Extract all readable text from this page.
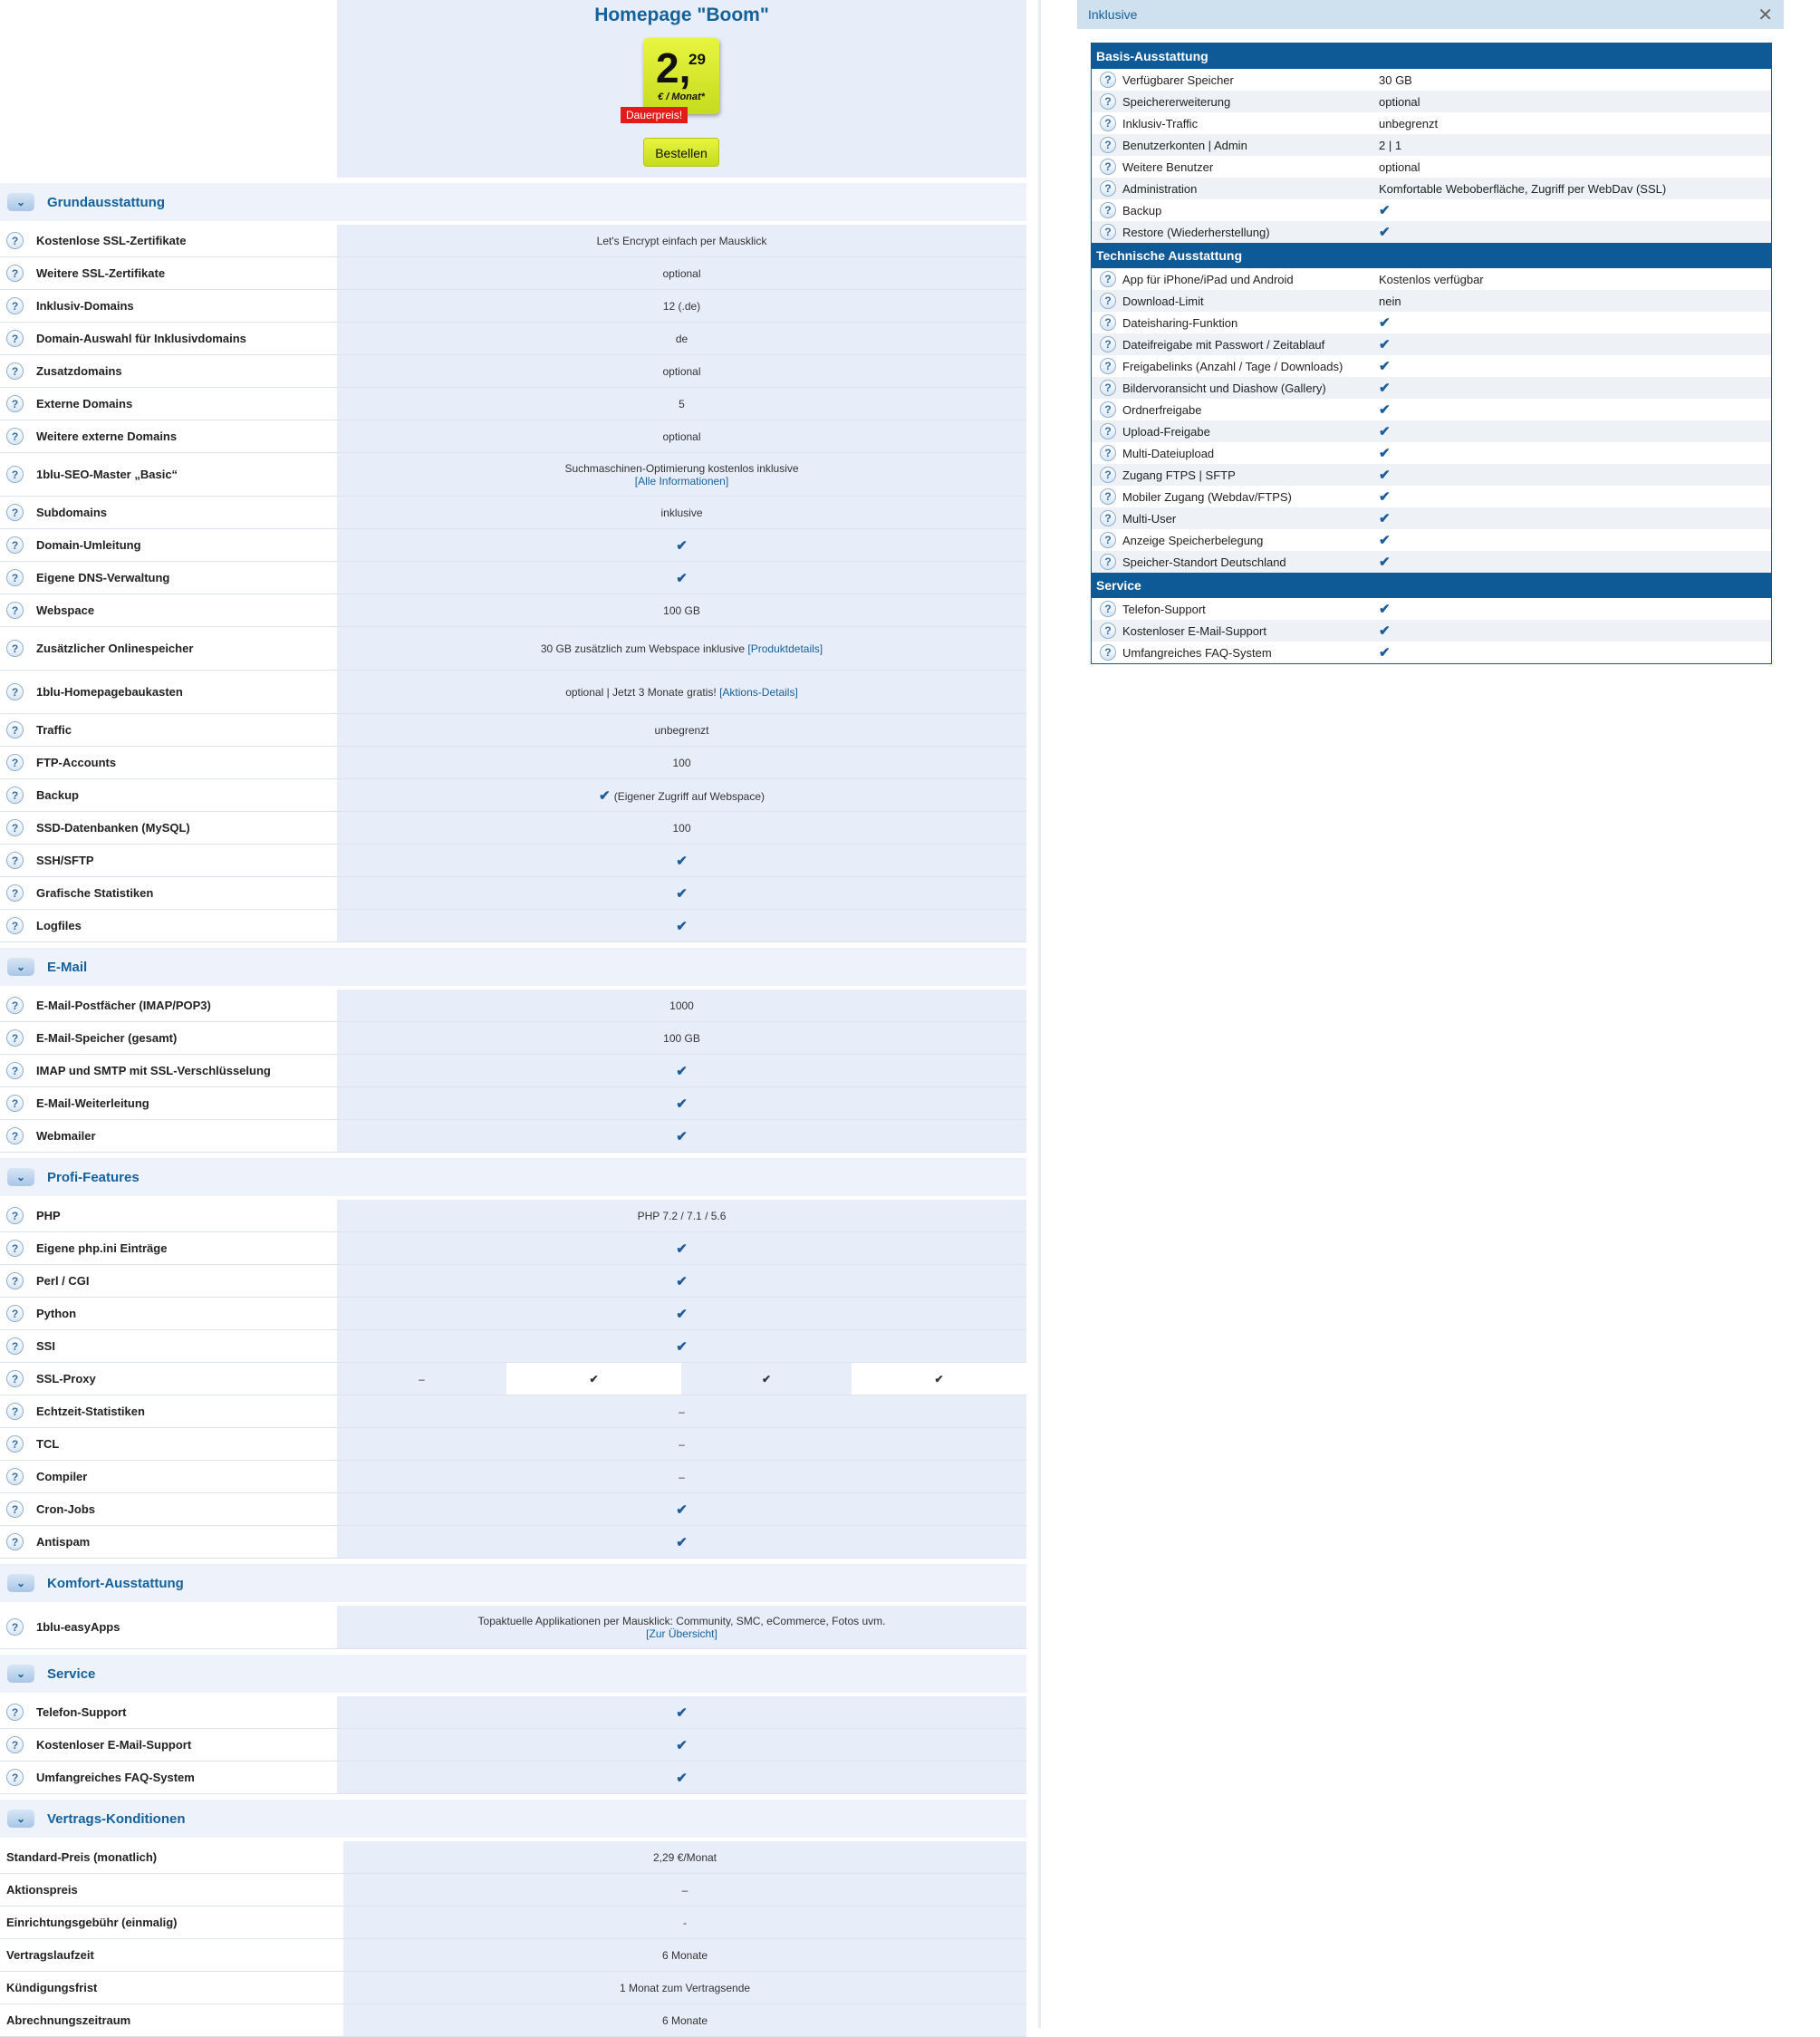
Homepage "Boom"
2,
29
€ / Monat*
Dauerpreis!
Bestellen
⌄	Grundausstattung
?	Kostenlose SSL-Zertifikate	Let's Encrypt einfach per Mausklick
?	Weitere SSL-Zertifikate	optional
?	Inklusiv-Domains	12 (.de)
?	Domain-Auswahl für Inklusivdomains	de
?	Zusatzdomains	optional
?	Externe Domains	5
?	Weitere externe Domains	optional
?	1blu-SEO-Master „Basic“	Suchmaschinen-Optimierung kostenlos inklusive
[Alle Informationen]
?	Subdomains	inklusive
?	Domain-Umleitung	✔
?	Eigene DNS-Verwaltung	✔
?	Webspace	100 GB
?	Zusätzlicher Onlinespeicher	30 GB zusätzlich zum Webspace inklusive [Produktdetails]
?	1blu-Homepagebaukasten	optional | Jetzt 3 Monate gratis! [Aktions-Details]
?	Traffic	unbegrenzt
?	FTP-Accounts	100
?	Backup	✔ (Eigener Zugriff auf Webspace)
?	SSD-Datenbanken (MySQL)	100
?	SSH/SFTP	✔
?	Grafische Statistiken	✔
?	Logfiles	✔
⌄	E-Mail
?	E-Mail-Postfächer (IMAP/POP3)	1000
?	E-Mail-Speicher (gesamt)	100 GB
?	IMAP und SMTP mit SSL-Verschlüsselung	✔
?	E-Mail-Weiterleitung	✔
?	Webmailer	✔
⌄	Profi-Features
?	PHP	PHP 7.2 / 7.1 / 5.6
?	Eigene php.ini Einträge	✔
?	Perl / CGI	✔
?	Python	✔
?	SSI	✔
?	SSL-Proxy	–	✔	✔	✔
?	Echtzeit-Statistiken	–
?	TCL	–
?	Compiler	–
?	Cron-Jobs	✔
?	Antispam	✔
⌄	Komfort-Ausstattung
?	1blu-easyApps	Topaktuelle Applikationen per Mausklick: Community, SMC, eCommerce, Fotos uvm.
[Zur Übersicht]
⌄	Service
?	Telefon-Support	✔
?	Kostenloser E-Mail-Support	✔
?	Umfangreiches FAQ-System	✔
⌄	Vertrags-Konditionen
Standard-Preis (monatlich)	2,29 €/Monat
Aktionspreis	–
Einrichtungsgebühr (einmalig)	-
Vertragslaufzeit	6 Monate
Kündigungsfrist	1 Monat zum Vertragsende
Abrechnungszeitraum	6 Monate
Inklusive	✕
Basis-Ausstattung
? Verfügbarer Speicher	30 GB
? Speichererweiterung	optional
? Inklusiv-Traffic	unbegrenzt
? Benutzerkonten | Admin	2 | 1
? Weitere Benutzer	optional
? Administration	Komfortable Weboberfläche, Zugriff per WebDav (SSL)
? Backup	✔
? Restore (Wiederherstellung)	✔
Technische Ausstattung
? App für iPhone/iPad und Android	Kostenlos verfügbar
? Download-Limit	nein
? Dateisharing-Funktion	✔
? Dateifreigabe mit Passwort / Zeitablauf	✔
? Freigabelinks (Anzahl / Tage / Downloads)	✔
? Bildervoransicht und Diashow (Gallery)	✔
? Ordnerfreigabe	✔
? Upload-Freigabe	✔
? Multi-Dateiupload	✔
? Zugang FTPS | SFTP	✔
? Mobiler Zugang (Webdav/FTPS)	✔
? Multi-User	✔
? Anzeige Speicherbelegung	✔
? Speicher-Standort Deutschland	✔
Service
? Telefon-Support	✔
? Kostenloser E-Mail-Support	✔
? Umfangreiches FAQ-System	✔
